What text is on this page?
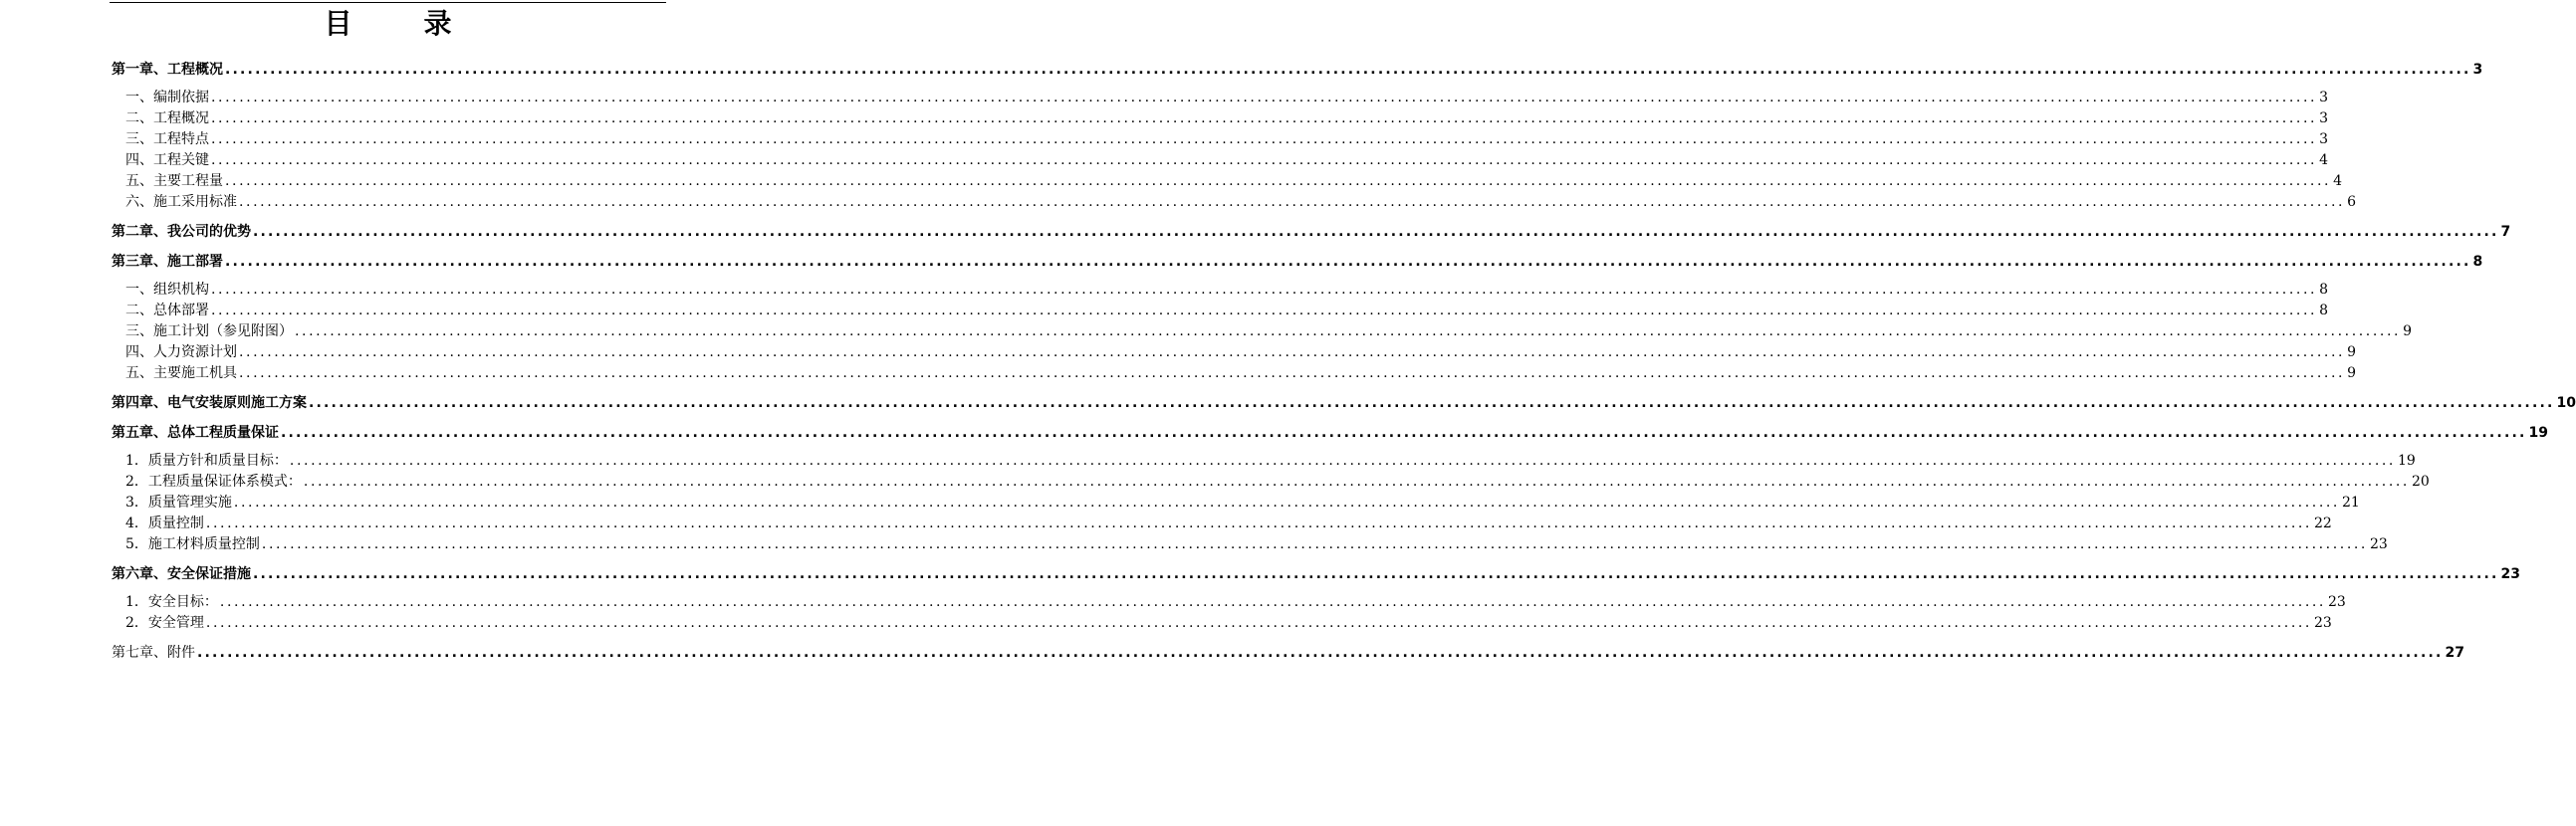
目	录
第一章、工程概况 ............................................................................................................................................................................................................................................................................................................ 3
一、编制依据 ............................................................................................................................................................................................................................................................................................................ 3
二、工程概况 ............................................................................................................................................................................................................................................................................................................ 3
三、工程特点 ............................................................................................................................................................................................................................................................................................................ 3
四、工程关键 ............................................................................................................................................................................................................................................................................................................ 4
五、主要工程量 ............................................................................................................................................................................................................................................................................................................ 4
六、施工采用标准 ............................................................................................................................................................................................................................................................................................................ 6
第二章、我公司的优势 ............................................................................................................................................................................................................................................................................................................ 7
第三章、施工部署 ............................................................................................................................................................................................................................................................................................................ 8
一、组织机构 ............................................................................................................................................................................................................................................................................................................ 8
二、总体部署 ............................................................................................................................................................................................................................................................................................................ 8
三、施工计划（参见附图） ............................................................................................................................................................................................................................................................................................................ 9
四、人力资源计划 ............................................................................................................................................................................................................................................................................................................ 9
五、主要施工机具 ............................................................................................................................................................................................................................................................................................................ 9
第四章、电气安装原则施工方案 ............................................................................................................................................................................................................................................................................................................ 10
第五章、总体工程质量保证 ............................................................................................................................................................................................................................................................................................................ 19
1．质量方针和质量目标： ............................................................................................................................................................................................................................................................................................................ 19
2．工程质量保证体系模式： ............................................................................................................................................................................................................................................................................................................ 20
3．质量管理实施 ............................................................................................................................................................................................................................................................................................................ 21
4．质量控制 ............................................................................................................................................................................................................................................................................................................ 22
5．施工材料质量控制 ............................................................................................................................................................................................................................................................................................................ 23
第六章、安全保证措施 ............................................................................................................................................................................................................................................................................................................ 23
1．安全目标： ............................................................................................................................................................................................................................................................................................................ 23
2．安全管理 ............................................................................................................................................................................................................................................................................................................ 23
第七章、附件 ............................................................................................................................................................................................................................................................................................................ 27
